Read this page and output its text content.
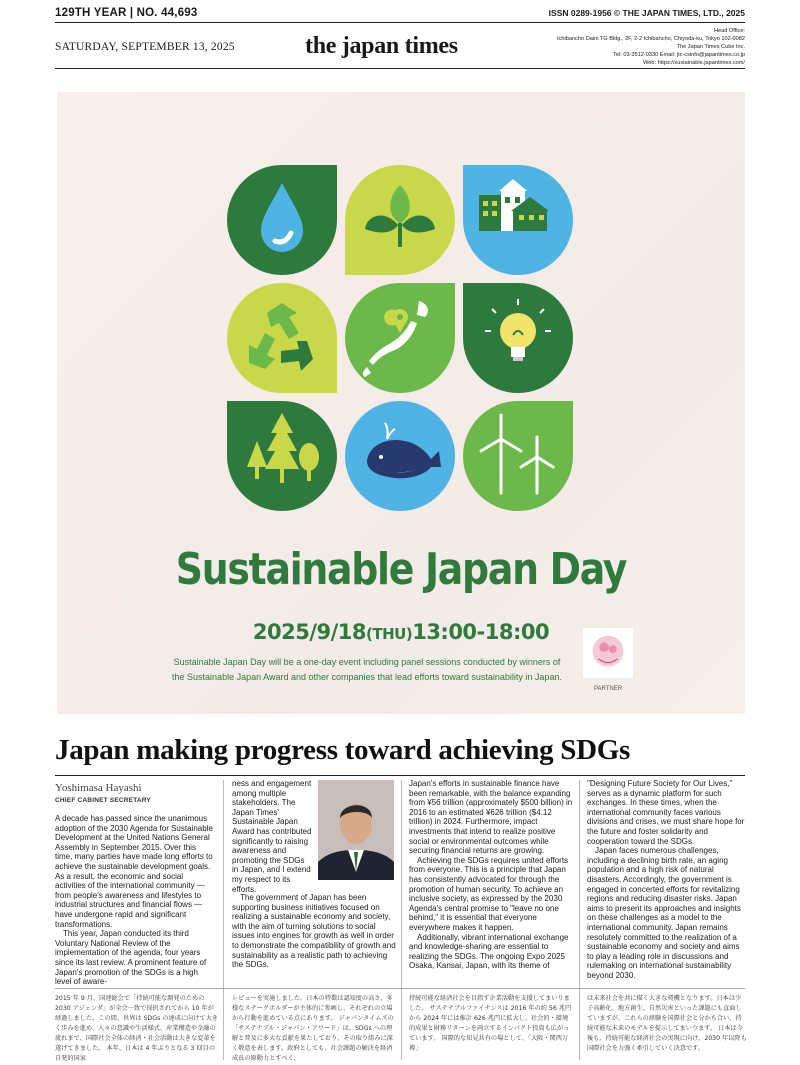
129TH YEAR | NO. 44,693	ISSN 0289-1956 © THE JAPAN TIMES, LTD., 2025
SATURDAY, SEPTEMBER 13, 2025	the japan times
Head Office:
Ichibancho Daini TG Bldg., 2F, 2-2 Ichibancho, Chiyoda-ku, Tokyo 102-0082
The Japan Times Cube Inc.
Tel: 03-3512-0330 Email: jtc-csinfo@japantimes.co.jp
Web: https://sustainable.japantimes.com/
Sustainable Japan Day
2025/9/18(THU)13:00-18:00
Sustainable Japan Day will be a one-day event including panel sessions conducted by winners of
the Sustainable Japan Award and other companies that lead efforts toward sustainability in Japan.
PARTNER
Japan making progress toward achieving SDGs
Yoshimasa Hayashi
CHIEF CABINET SECRETARY

A decade has passed since the unanimous adoption of the 2030 Agenda for Sustainable Development at the United Nations General Assembly in September 2015. Over this time, many parties have made long efforts to achieve the sustainable development goals. As a result, the economic and social activities of the international community — from people's awareness and lifestyles to industrial structures and financial flows — have undergone rapid and significant transformations.

This year, Japan conducted its third Voluntary National Review of the implementation of the agenda, four years since its last review. A prominent feature of Japan's promotion of the SDGs is a high level of aware-

ness and engagement among multiple stakeholders. The Japan Times' Sustainable Japan Award has contributed significantly to raising awareness and promoting the SDGs in Japan, and I extend my respect to its efforts.

The government of Japan has been supporting business initiatives focused on realizing a sustainable economy and society, with the aim of turning solutions to social issues into engines for growth as well in order to demonstrate the compatibility of growth and sustainability as a realistic path to achieving the SDGs.

Japan's efforts in sustainable finance have been remarkable, with the balance expanding from ¥56 trillion (approximately $500 billion) in 2016 to an estimated ¥626 trillion ($4.12 trillion) in 2024. Furthermore, impact investments that intend to realize positive social or environmental outcomes while securing financial returns are growing.

Achieving the SDGs requires united efforts from everyone. This is a principle that Japan has consistently advocated for through the promotion of human security. To achieve an inclusive society, as expressed by the 2030 Agenda's central promise to "leave no one behind," it is essential that everyone everywhere makes it happen.

Additionally, vibrant international exchange and knowledge-sharing are essential to realizing the SDGs. The ongoing Expo 2025 Osaka, Kansai, Japan, with its theme of

"Designing Future Society for Our Lives," serves as a dynamic platform for such exchanges. In these times, when the international community faces various divisions and crises, we must share hope for the future and foster solidarity and cooperation toward the SDGs.

Japan faces numerous challenges, including a declining birth rate, an aging population and a high risk of natural disasters. Accordingly, the government is engaged in concerted efforts for revitalizing regions and reducing disaster risks. Japan aims to present its approaches and insights on these challenges as a model to the international community. Japan remains resolutely committed to the realization of a sustainable economy and society and aims to play a leading role in discussions and rulemaking on international sustainability beyond 2030.

2015 年 9 月、国連総会で「持続可能な開発のための 2030 アジェンダ」が全会一致で採択されてから 10 年が経過しました。この間、世界は SDGs の達成に向けて大きく歩みを進め、人々の意識や生活様式、産業構造や金融の流れまで、国際社会全体の経済・社会活動は大きな変革を遂げてきました。 本年、日本は 4 年ぶりとなる 3 回目の自発的国家
レビューを実施しました。日本の特徴は認知度の高さ、多様なステークホルダーが主体的に参画し、それぞれの立場から行動を進めている点にあります。 ジャパンタイムズの「サステナブル・ジャパン・アワード」は、SDGs への理解と普及に多大な貢献を果たしており、その取り組みに深く敬意を表します。政府としても、社会課題の解決を経済成長の原動力とすべく、
持続可能な経済社会を目指す企業活動を支援してまいりました。 サステナブルファイナンスは 2016 年の約 56 兆円から 2024 年には推計 626 兆円に拡大し、社会的・環境的成果と財務リターンを両立するインパクト投資も広がっています。 国際的な知見共有の場として、「大阪・関西万博」
は未来社会を共に描く大きな契機となります。日本は少子高齢化、地方創生、自然災害といった課題にも直面していますが、これらの経験を国際社会と分かち合い、持続可能な未来のモデルを提示してまいります。 日本は今後も、持続可能な経済社会の実現に向け、2030 年以降も国際社会を力強く牽引していく決意です。
